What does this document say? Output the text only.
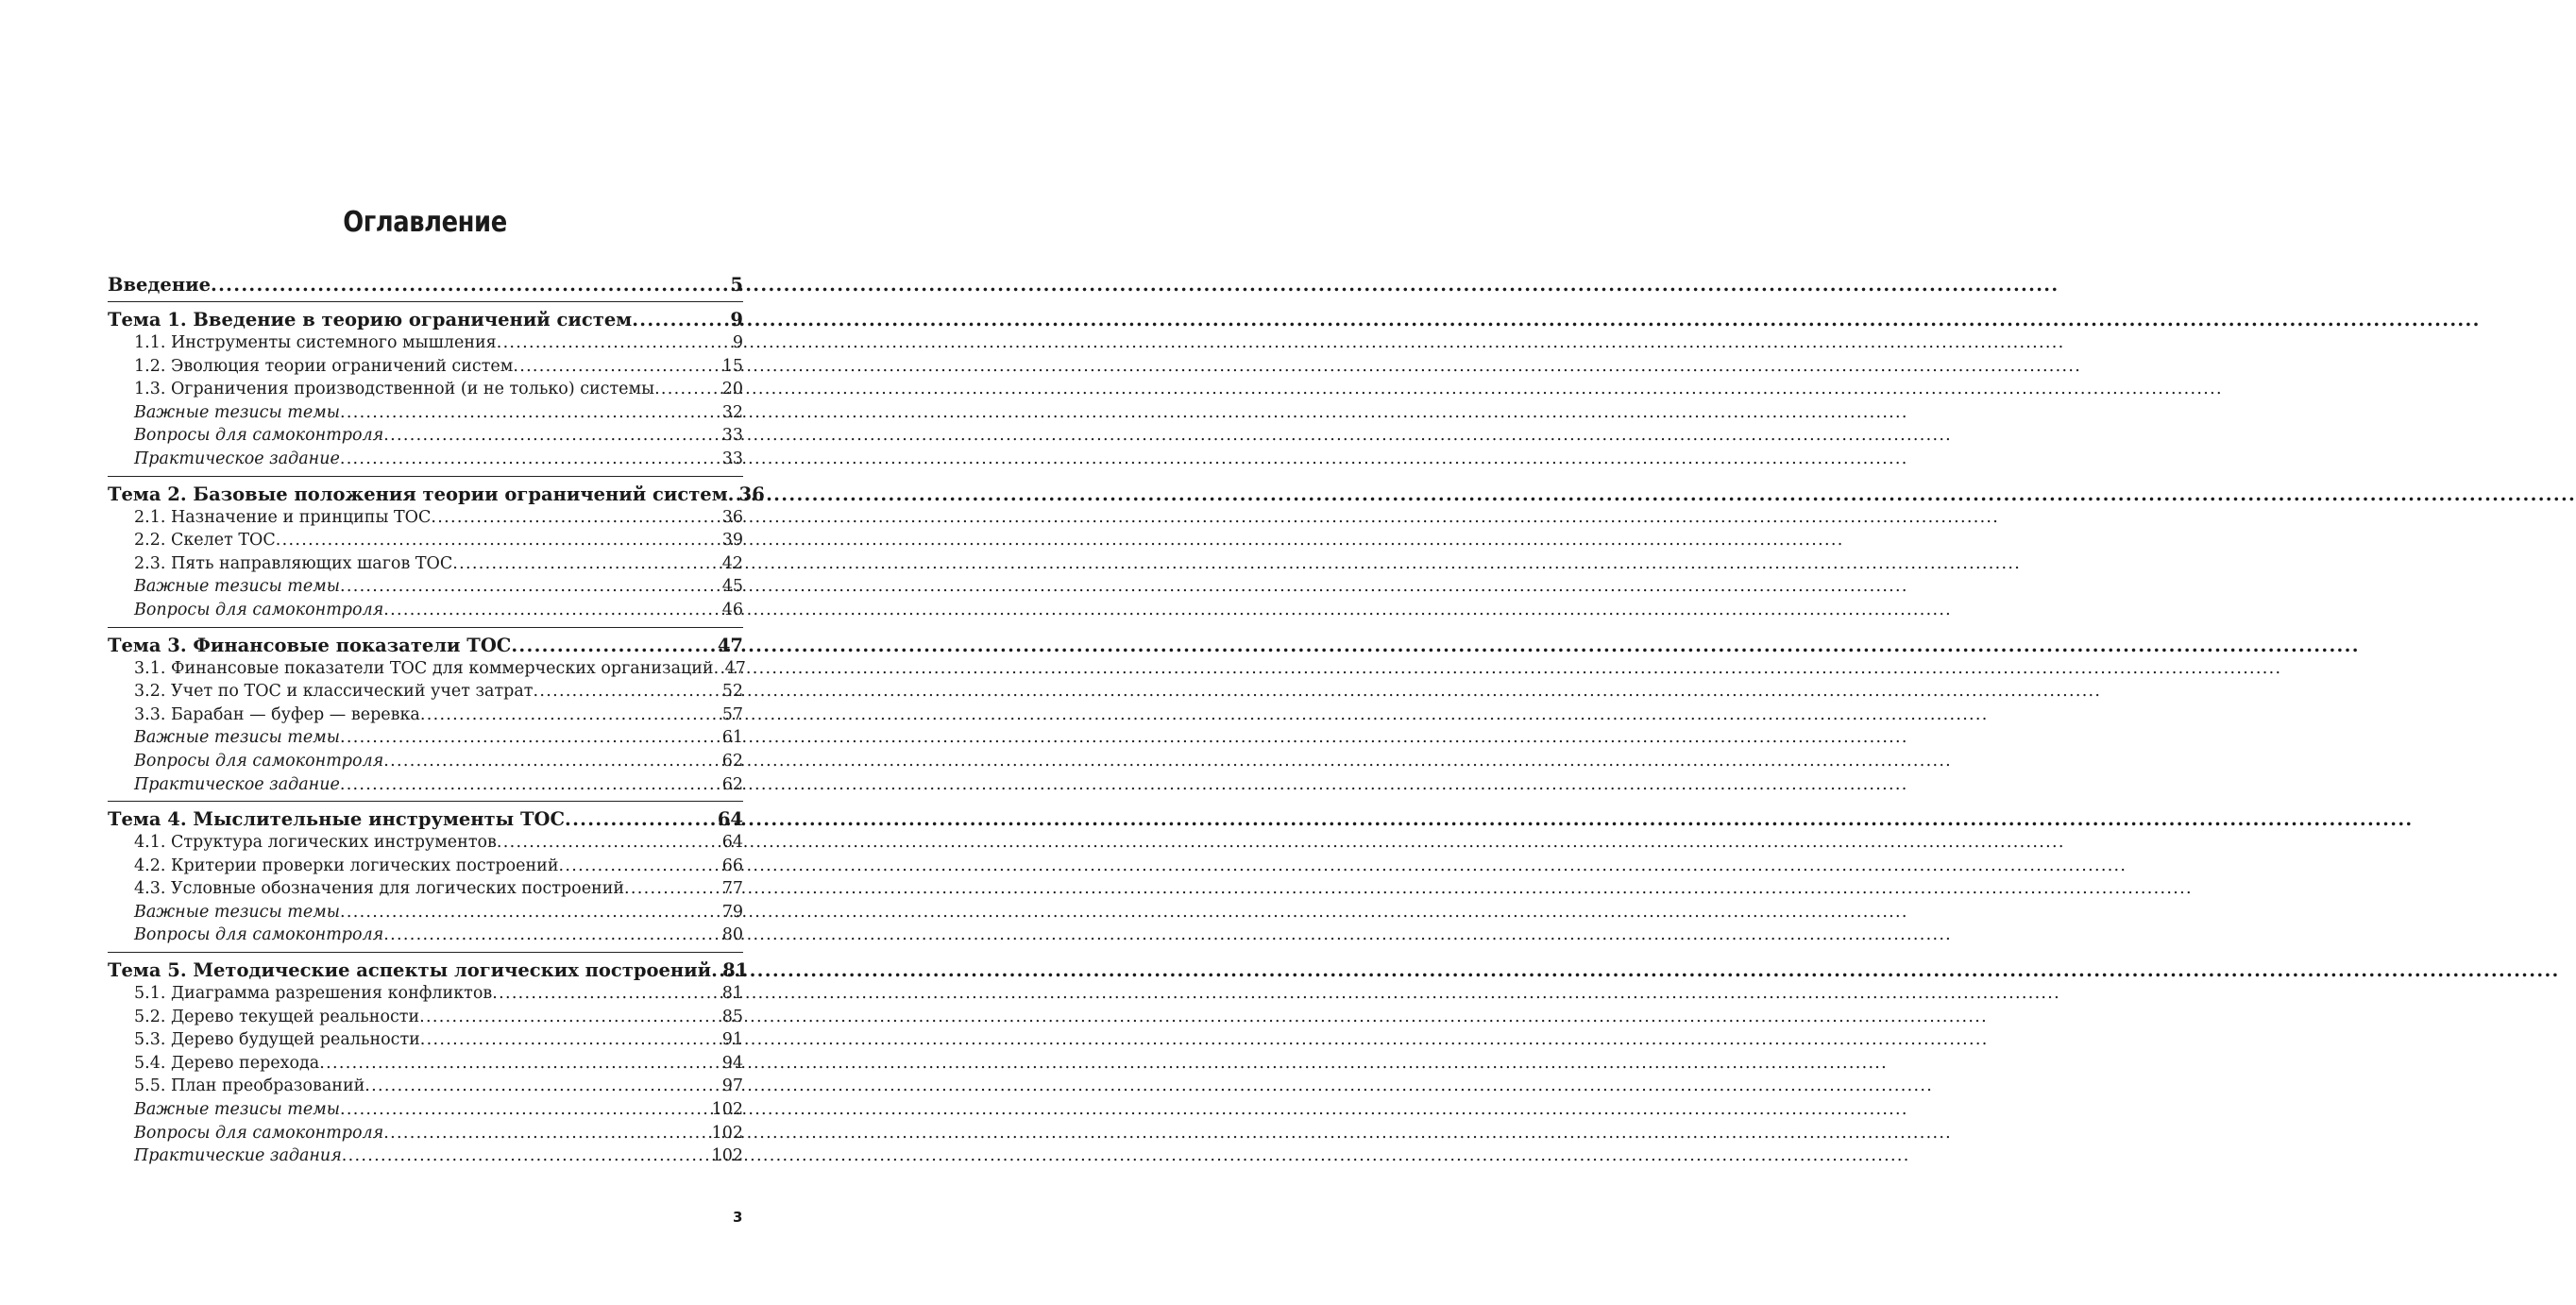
Оглавление
Введение .....	5
Тема 1. Введение в теорию ограничений систем .....	9
1.1. Инструменты системного мышления .....	9
1.2. Эволюция теории ограничений систем .....	15
1.3. Ограничения производственной (и не только) системы .....	20
Важные тезисы темы .....	32
Вопросы для самоконтроля .....	33
Практическое задание .....	33
Тема 2. Базовые положения теории ограничений систем ..... 36
2.1. Назначение и принципы ТОС .....	36
2.2. Скелет ТОС .....	39
2.3. Пять направляющих шагов ТОС .....	42
Важные тезисы темы .....	45
Вопросы для самоконтроля .....	46
Тема 3. Финансовые показатели ТОС .....	47
3.1. Финансовые показатели ТОС для коммерческих организаций ..... 47
3.2. Учет по ТОС и классический учет затрат .....	52
3.3. Барабан — буфер — веревка .....	57
Важные тезисы темы .....	61
Вопросы для самоконтроля .....	62
Практическое задание .....	62
Тема 4. Мыслительные инструменты ТОС .....	64
4.1. Структура логических инструментов .....	64
4.2. Критерии проверки логических построений .....	66
4.3. Условные обозначения для логических построений .....	77
Важные тезисы темы .....	79
Вопросы для самоконтроля .....	80
Тема 5. Методические аспекты логических построений ..... 81
5.1. Диаграмма разрешения конфликтов .....	81
5.2. Дерево текущей реальности .....	85
5.3. Дерево будущей реальности .....	91
5.4. Дерево перехода .....	94
5.5. План преобразований .....	97
Важные тезисы темы .....	102
Вопросы для самоконтроля .....	102
Практические задания .....	102
3
